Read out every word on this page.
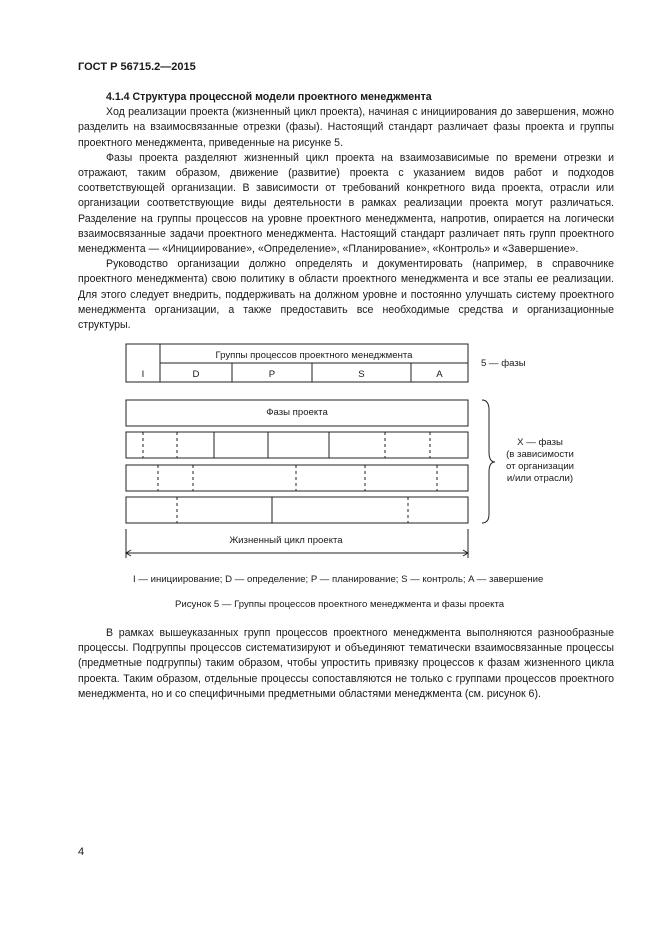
ГОСТ Р 56715.2—2015

4.1.4 Структура процессной модели проектного менеджмента

Ход реализации проекта (жизненный цикл проекта), начиная с инициирования до завершения, можно разделить на взаимосвязанные отрезки (фазы). Настоящий стандарт различает фазы проекта и группы проектного менеджмента, приведенные на рисунке 5.

Фазы проекта разделяют жизненный цикл проекта на взаимозависимые по времени отрезки и отражают, таким образом, движение (развитие) проекта с указанием видов работ и подходов соответствующей организации. В зависимости от требований конкретного вида проекта, отрасли или организации соответствующие виды деятельности в рамках реализации проекта могут различаться. Разделение на группы процессов на уровне проектного менеджмента, напротив, опирается на логически взаимосвязанные задачи проектного менеджмента. Настоящий стандарт различает пять групп проектного менеджмента — «Инициирование», «Определение», «Планирование», «Контроль» и «Завершение».

Руководство организации должно определять и документировать (например, в справочнике проектного менеджмента) свою политику в области проектного менеджмента и все этапы ее реализации. Для этого следует внедрить, поддерживать на должном уровне и постоянно улучшать систему проектного менеджмента организации, а также предоставить все необходимые средства и организационные структуры.

Группы процессов проектного менеджмента
I	D	P	S	A
5 — фазы
Фазы проекта
X — фазы
(в зависимости
от организации
и/или отрасли)
Жизненный цикл проекта
I — инициирование; D — определение; P — планирование; S — контроль; A — завершение
Рисунок 5 — Группы процессов проектного менеджмента и фазы проекта

В рамках вышеуказанных групп процессов проектного менеджмента выполняются разнообразные процессы. Подгруппы процессов систематизируют и объединяют тематически взаимосвязанные процессы (предметные подгруппы) таким образом, чтобы упростить привязку процессов к фазам жизненного цикла проекта. Таким образом, отдельные процессы сопоставляются не только с группами процессов проектного менеджмента, но и со специфичными предметными областями менеджмента (см. рисунок 6).

4
